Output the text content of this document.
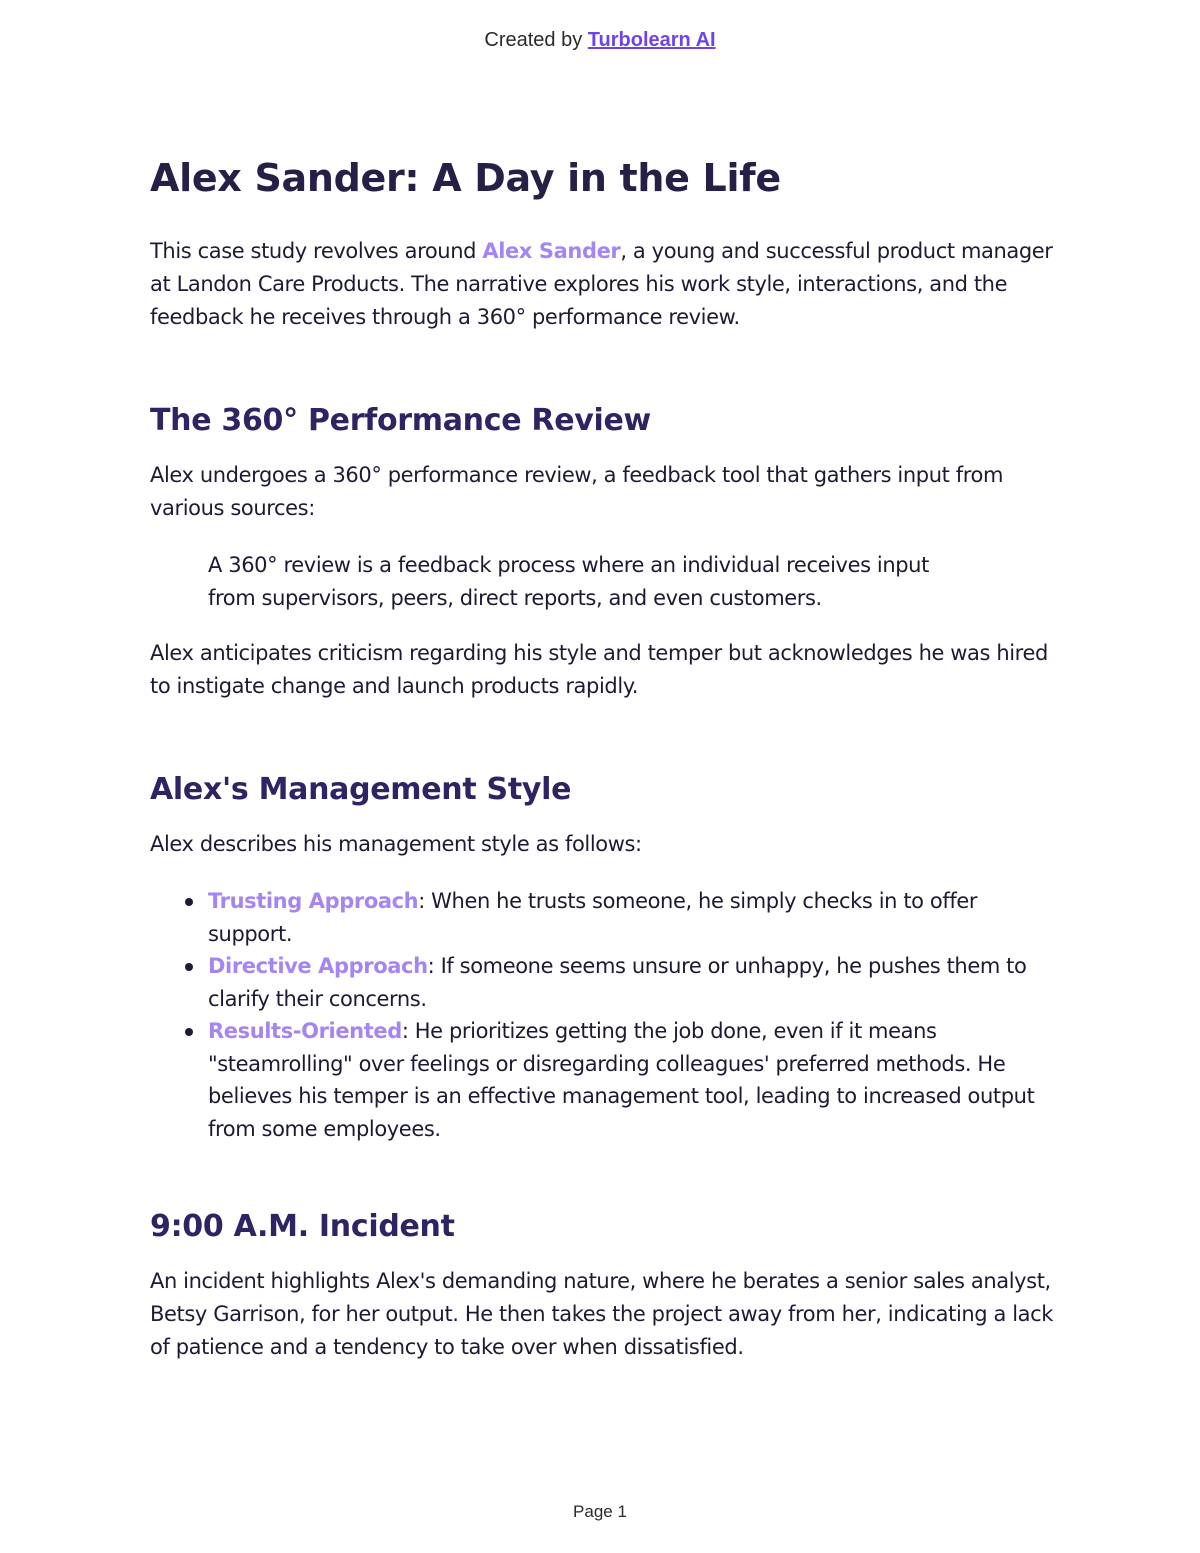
Created by Turbolearn AI
Alex Sander: A Day in the Life

This case study revolves around Alex Sander, a young and successful product manager at Landon Care Products. The narrative explores his work style, interactions, and the feedback he receives through a 360° performance review.

The 360° Performance Review

Alex undergoes a 360° performance review, a feedback tool that gathers input from various sources:

A 360° review is a feedback process where an individual receives input from supervisors, peers, direct reports, and even customers.

Alex anticipates criticism regarding his style and temper but acknowledges he was hired to instigate change and launch products rapidly.

Alex's Management Style

Alex describes his management style as follows:

Trusting Approach: When he trusts someone, he simply checks in to offer support.
Directive Approach: If someone seems unsure or unhappy, he pushes them to clarify their concerns.
Results-Oriented: He prioritizes getting the job done, even if it means "steamrolling" over feelings or disregarding colleagues' preferred methods. He believes his temper is an effective management tool, leading to increased output from some employees.
9:00 A.M. Incident

An incident highlights Alex's demanding nature, where he berates a senior sales analyst, Betsy Garrison, for her output. He then takes the project away from her, indicating a lack of patience and a tendency to take over when dissatisfied.

Page 1
